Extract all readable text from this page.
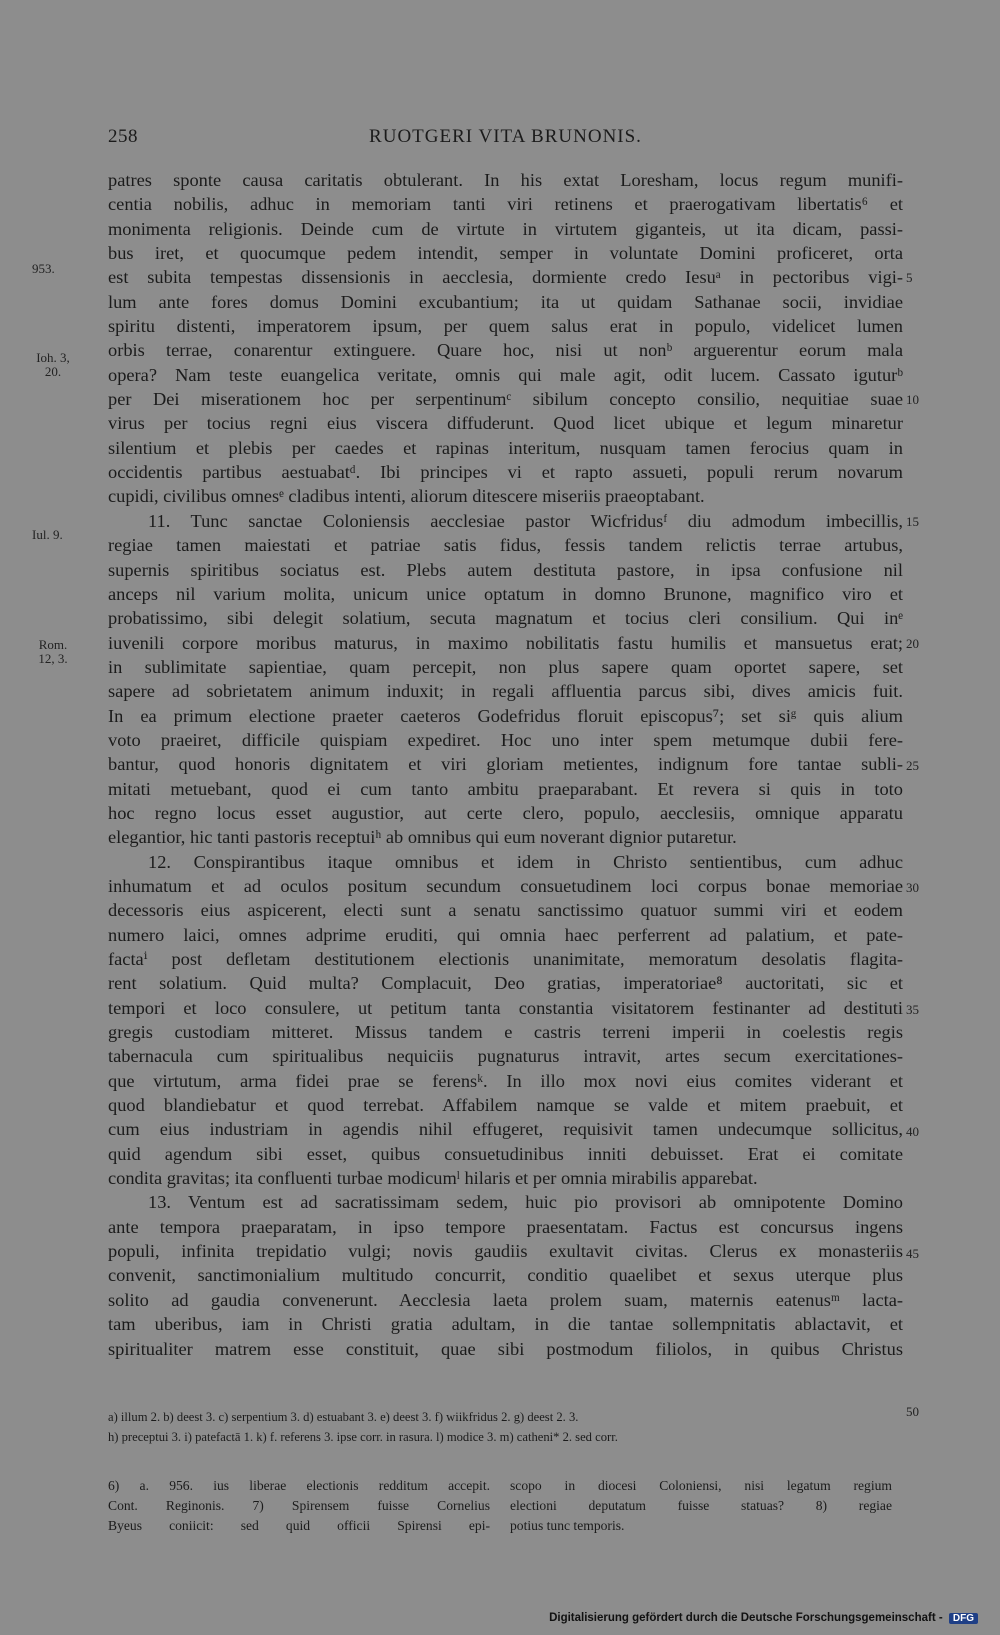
258	RUOTGERI VITA BRUNONIS.
patres sponte causa caritatis obtulerant. In his extat Loresham, locus regum munifi-
centia nobilis, adhuc in memoriam tanti viri retinens et praerogativam libertatis⁶ et
monimenta religionis. Deinde cum de virtute in virtutem giganteis, ut ita dicam, passi-
bus iret, et quocumque pedem intendit, semper in voluntate Domini proficeret, orta
est subita tempestas dissensionis in aecclesia, dormiente credo Iesuᵃ in pectoribus vigi-
lum ante fores domus Domini excubantium; ita ut quidam Sathanae socii, invidiae
spiritu distenti, imperatorem ipsum, per quem salus erat in populo, videlicet lumen
orbis terrae, conarentur extinguere. Quare hoc, nisi ut nonᵇ arguerentur eorum mala
opera? Nam teste euangelica veritate, omnis qui male agit, odit lucem. Cassato iguturᵇ
per Dei miserationem hoc per serpentinumᶜ sibilum concepto consilio, nequitiae suae
virus per tocius regni eius viscera diffuderunt. Quod licet ubique et legum minaretur
silentium et plebis per caedes et rapinas interitum, nusquam tamen ferocius quam in
occidentis partibus aestuabatᵈ. Ibi principes vi et rapto assueti, populi rerum novarum
cupidi, civilibus omnesᵉ cladibus intenti, aliorum ditescere miseriis praeoptabant.
11. Tunc sanctae Coloniensis aecclesiae pastor Wicfridusᶠ diu admodum imbecillis,
regiae tamen maiestati et patriae satis fidus, fessis tandem relictis terrae artubus,
supernis spiritibus sociatus est. Plebs autem destituta pastore, in ipsa confusione nil
anceps nil varium molita, unicum unice optatum in domno Brunone, magnifico viro et
probatissimo, sibi delegit solatium, secuta magnatum et tocius cleri consilium. Qui inᵉ
iuvenili corpore moribus maturus, in maximo nobilitatis fastu humilis et mansuetus erat;
in sublimitate sapientiae, quam percepit, non plus sapere quam oportet sapere, set
sapere ad sobrietatem animum induxit; in regali affluentia parcus sibi, dives amicis fuit.
In ea primum electione praeter caeteros Godefridus floruit episcopus⁷; set siᵍ quis alium
voto praeiret, difficile quispiam expediret. Hoc uno inter spem metumque dubii fere-
bantur, quod honoris dignitatem et viri gloriam metientes, indignum fore tantae subli-
mitati metuebant, quod ei cum tanto ambitu praeparabant. Et revera si quis in toto
hoc regno locus esset augustior, aut certe clero, populo, aecclesiis, omnique apparatu
elegantior, hic tanti pastoris receptuiʰ ab omnibus qui eum noverant dignior putaretur.
12. Conspirantibus itaque omnibus et idem in Christo sentientibus, cum adhuc
inhumatum et ad oculos positum secundum consuetudinem loci corpus bonae memoriae
decessoris eius aspicerent, electi sunt a senatu sanctissimo quatuor summi viri et eodem
numero laici, omnes adprime eruditi, qui omnia haec perferrent ad palatium, et pate-
factaⁱ post defletam destitutionem electionis unanimitate, memoratum desolatis flagita-
rent solatium. Quid multa? Complacuit, Deo gratias, imperatoriae⁸ auctoritati, sic et
tempori et loco consulere, ut petitum tanta constantia visitatorem festinanter ad destituti
gregis custodiam mitteret. Missus tandem e castris terreni imperii in coelestis regis
tabernacula cum spiritualibus nequiciis pugnaturus intravit, artes secum exercitationes-
que virtutum, arma fidei prae se ferensᵏ. In illo mox novi eius comites viderant et
quod blandiebatur et quod terrebat. Affabilem namque se valde et mitem praebuit, et
cum eius industriam in agendis nihil effugeret, requisivit tamen undecumque sollicitus,
quid agendum sibi esset, quibus consuetudinibus inniti debuisset. Erat ei comitate
condita gravitas; ita confluenti turbae modicumˡ hilaris et per omnia mirabilis apparebat.
13. Ventum est ad sacratissimam sedem, huic pio provisori ab omnipotente Domino
ante tempora praeparatam, in ipso tempore praesentatam. Factus est concursus ingens
populi, infinita trepidatio vulgi; novis gaudiis exultavit civitas. Clerus ex monasteriis
convenit, sanctimonialium multitudo concurrit, conditio quaelibet et sexus uterque plus
solito ad gaudia convenerunt. Aecclesia laeta prolem suam, maternis eatenusᵐ lacta-
tam uberibus, iam in Christi gratia adultam, in die tantae sollempnitatis ablactavit, et
spiritualiter matrem esse constituit, quae sibi postmodum filiolos, in quibus Christus
953.
Ioh. 3, 20.
Iul. 9.
Rom. 12, 3.
5
10
15
20
25
30
35
40
45
50
a) illum 2. b) deest 3. c) serpentium 3. d) estuabant 3. e) deest 3. f) wiikfridus 2. g) deest 2. 3.
h) preceptui 3. i) patefactā 1. k) f. referens 3. ipse corr. in rasura. l) modice 3. m) catheni* 2. sed corr.
6) a. 956. ius liberae electionis redditum accepit.
Cont. Reginonis. 7) Spirensem fuisse Cornelius
Byeus coniicit: sed quid officii Spirensi epi-
scopo in diocesi Coloniensi, nisi legatum regium
electioni deputatum fuisse statuas? 8) regiae
potius tunc temporis.
Digitalisierung gefördert durch die Deutsche Forschungsgemeinschaft - DFG
